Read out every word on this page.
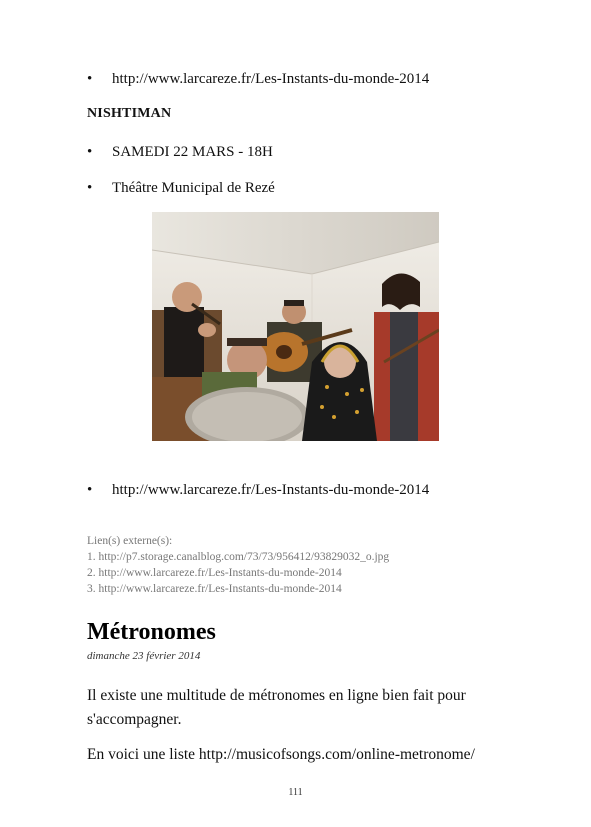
• http://www.larcareze.fr/Les-Instants-du-monde-2014
NISHTIMAN
• SAMEDI 22 MARS - 18H
• Théâtre Municipal de Rezé
• http://www.larcareze.fr/Les-Instants-du-monde-2014
Lien(s) externe(s):
1. http://p7.storage.canalblog.com/73/73/956412/93829032_o.jpg
2. http://www.larcareze.fr/Les-Instants-du-monde-2014
3. http://www.larcareze.fr/Les-Instants-du-monde-2014
Métronomes
dimanche 23 février 2014
Il existe une multitude de métronomes en ligne bien fait pour s'accompagner.
En voici une liste http://musicofsongs.com/online-metronome/
111
